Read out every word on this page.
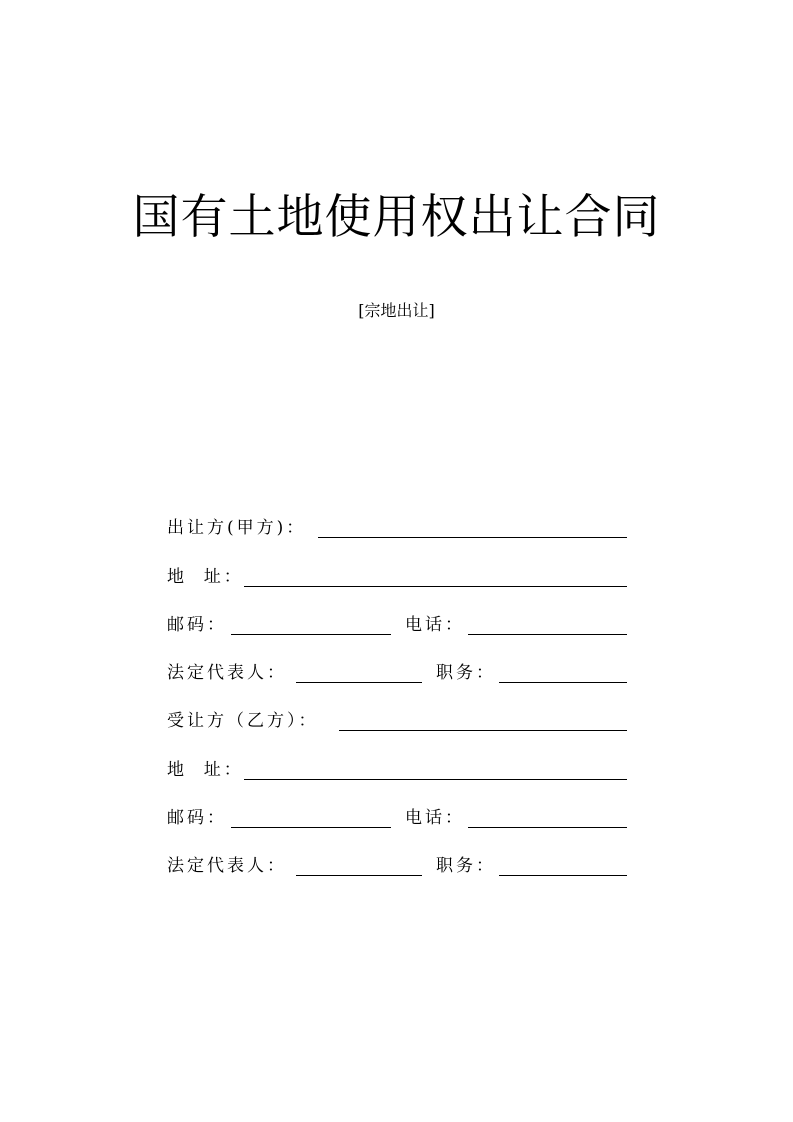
国有土地使用权出让合同
[宗地出让]
出让方(甲方)：
地  址：
邮码：	电话：
法定代表人：	职务：
受让方（乙方）：
地  址：
邮码：	电话：
法定代表人：	职务：
